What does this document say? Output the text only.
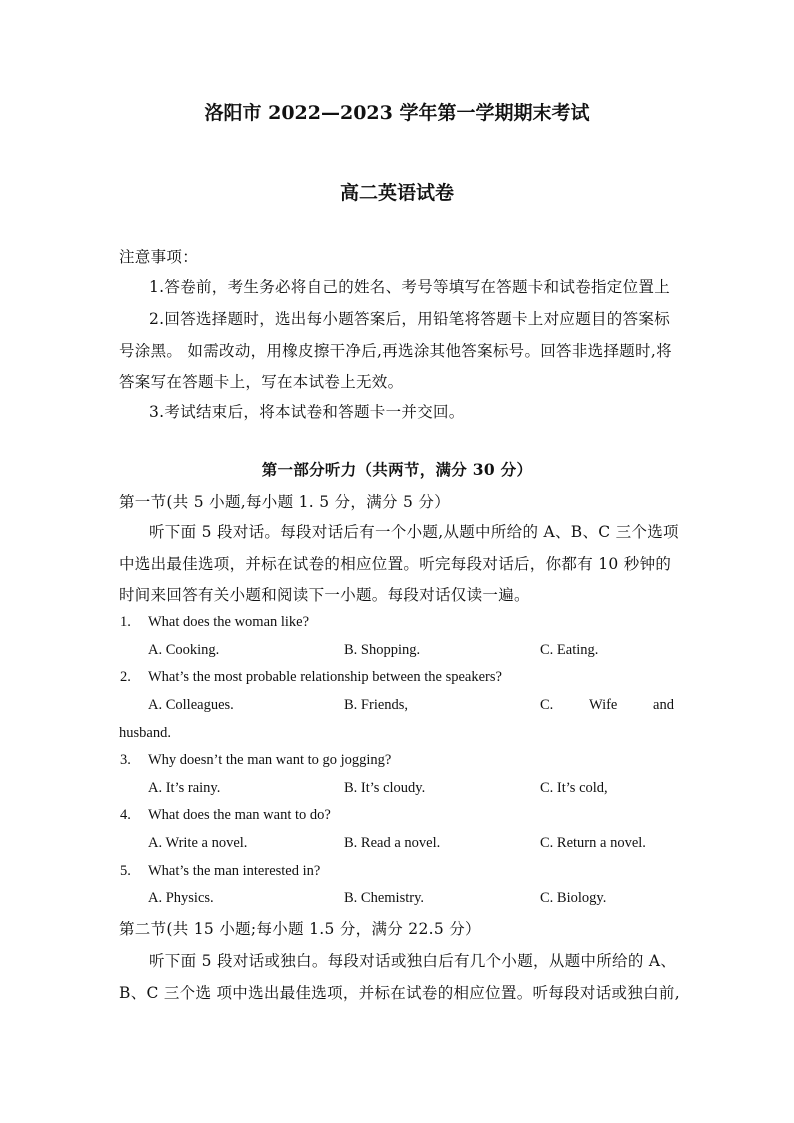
洛阳市 2022—2023 学年第一学期期末考试
高二英语试卷
注意事项：
1.答卷前，考生务必将自己的姓名、考号等填写在答题卡和试卷指定位置上
2.回答选择题时，选出每小题答案后，用铅笔将答题卡上对应题目的答案标
号涂黑。 如需改动，用橡皮擦干净后,再选涂其他答案标号。回答非选择题时,将
答案写在答题卡上，写在本试卷上无效。
3.考试结束后，将本试卷和答题卡一并交回。
第一部分听力（共两节，满分 30 分）
第一节(共 5 小题,每小题 1. 5 分，满分 5 分）
听下面 5 段对话。每段对话后有一个小题,从题中所给的 A、B、C 三个选项
中选出最佳选项，并标在试卷的相应位置。听完每段对话后，你都有 10 秒钟的
时间来回答有关小题和阅读下一小题。每段对话仅读一遍。
1. What does the woman like?
A. Cooking.	B. Shopping.	C. Eating.
2. What’s the most probable relationship between the speakers?
A. Colleagues.	B. Friends,	C. Wife and
husband.
3. Why doesn’t the man want to go jogging?
A. It’s rainy.	B. It’s cloudy.	C. It’s cold,
4. What does the man want to do?
A. Write a novel.	B. Read a novel.	C. Return a novel.
5. What’s the man interested in?
A. Physics.	B. Chemistry.	C. Biology.
第二节(共 15 小题;每小题 1.5 分，满分 22.5 分）
听下面 5 段对话或独白。每段对话或独白后有几个小题，从题中所给的 A、
B、C 三个选 项中选出最佳选项，并标在试卷的相应位置。听每段对话或独白前,
